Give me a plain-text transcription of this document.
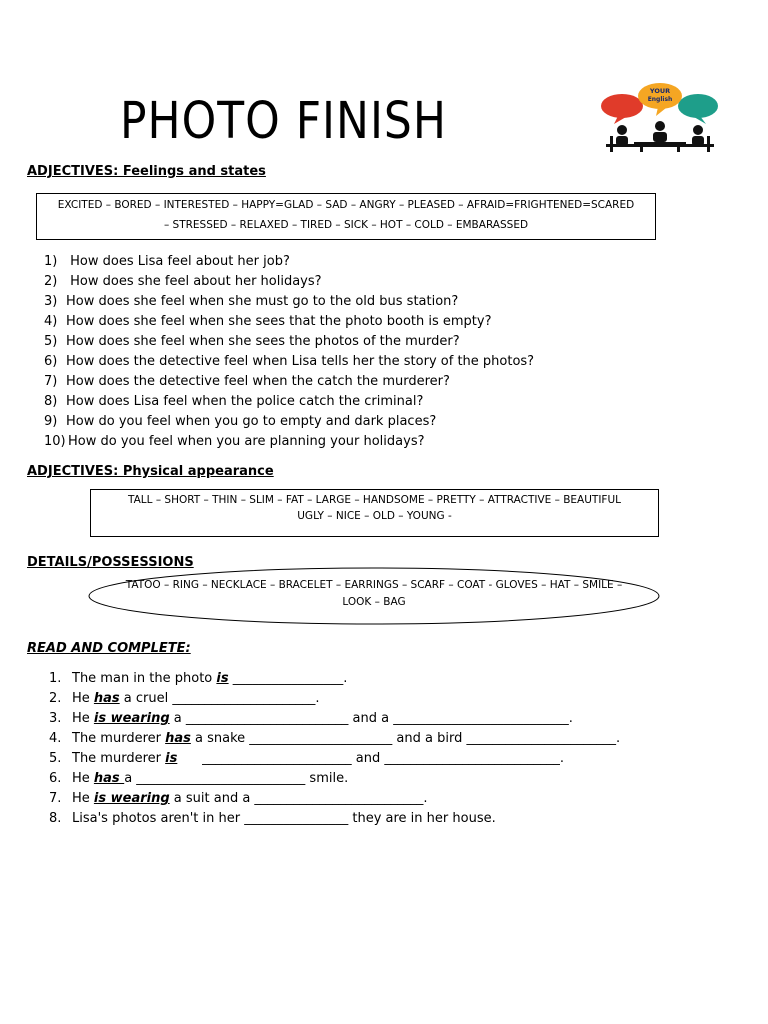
PHOTO FINISH
YOUR
English
ADJECTIVES: Feelings and states
EXCITED – BORED – INTERESTED – HAPPY=GLAD – SAD – ANGRY – PLEASED – AFRAID=FRIGHTENED=SCARED
– STRESSED – RELAXED – TIRED – SICK – HOT – COLD – EMBARASSED
1) How does Lisa feel about her job?
2) How does she feel about her holidays?
3) How does she feel when she must go to the old bus station?
4) How does she feel when she sees that the photo booth is empty?
5) How does she feel when she sees the photos of the murder?
6) How does the detective feel when Lisa tells her the story of the photos?
7) How does the detective feel when the catch the murderer?
8) How does Lisa feel when the police catch the criminal?
9) How do you feel when you go to empty and dark places?
10) How do you feel when you are planning your holidays?
ADJECTIVES: Physical appearance
TALL – SHORT – THIN – SLIM – FAT – LARGE – HANDSOME – PRETTY – ATTRACTIVE – BEAUTIFUL
UGLY – NICE – OLD – YOUNG -
DETAILS/POSSESSIONS
TATOO – RING – NECKLACE – BRACELET – EARRINGS – SCARF – COAT - GLOVES – HAT – SMILE –
LOOK – BAG
READ AND COMPLETE:
1. The man in the photo is _________________.
2. He has a cruel ______________________.
3. He is wearing a _________________________ and a ___________________________.
4. The murderer has a snake ______________________ and a bird _______________________.
5. The murderer is      _______________________ and ___________________________.
6. He has a __________________________ smile.
7. He is wearing a suit and a __________________________.
8. Lisa's photos aren't in her ________________ they are in her house.
